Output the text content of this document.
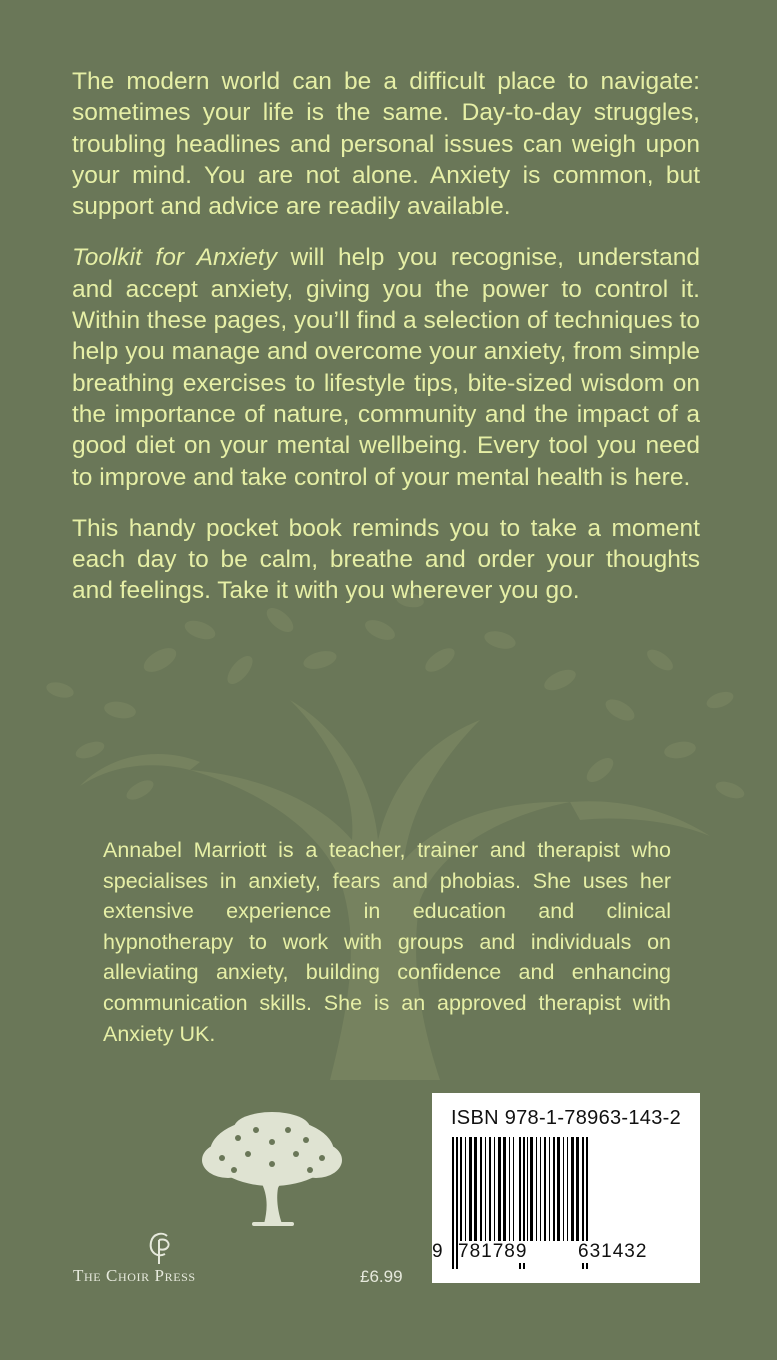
The modern world can be a difficult place to navigate: sometimes your life is the same. Day-to-day struggles, troubling headlines and personal issues can weigh upon your mind. You are not alone. Anxiety is common, but support and advice are readily available.

Toolkit for Anxiety will help you recognise, understand and accept anxiety, giving you the power to control it. Within these pages, you’ll find a selection of techniques to help you manage and overcome your anxiety, from simple breathing exercises to lifestyle tips, bite-sized wisdom on the importance of nature, community and the impact of a good diet on your mental wellbeing. Every tool you need to improve and take control of your mental health is here.

This handy pocket book reminds you to take a moment each day to be calm, breathe and order your thoughts and feelings. Take it with you wherever you go.

Annabel Marriott is a teacher, trainer and therapist who specialises in anxiety, fears and phobias. She uses her extensive experience in education and clinical hypnotherapy to work with groups and individuals on alleviating anxiety, building confidence and enhancing communication skills. She is an approved therapist with Anxiety UK.

The Choir Press	£6.99
ISBN 978-1-78963-143-2
9 781789	631432
